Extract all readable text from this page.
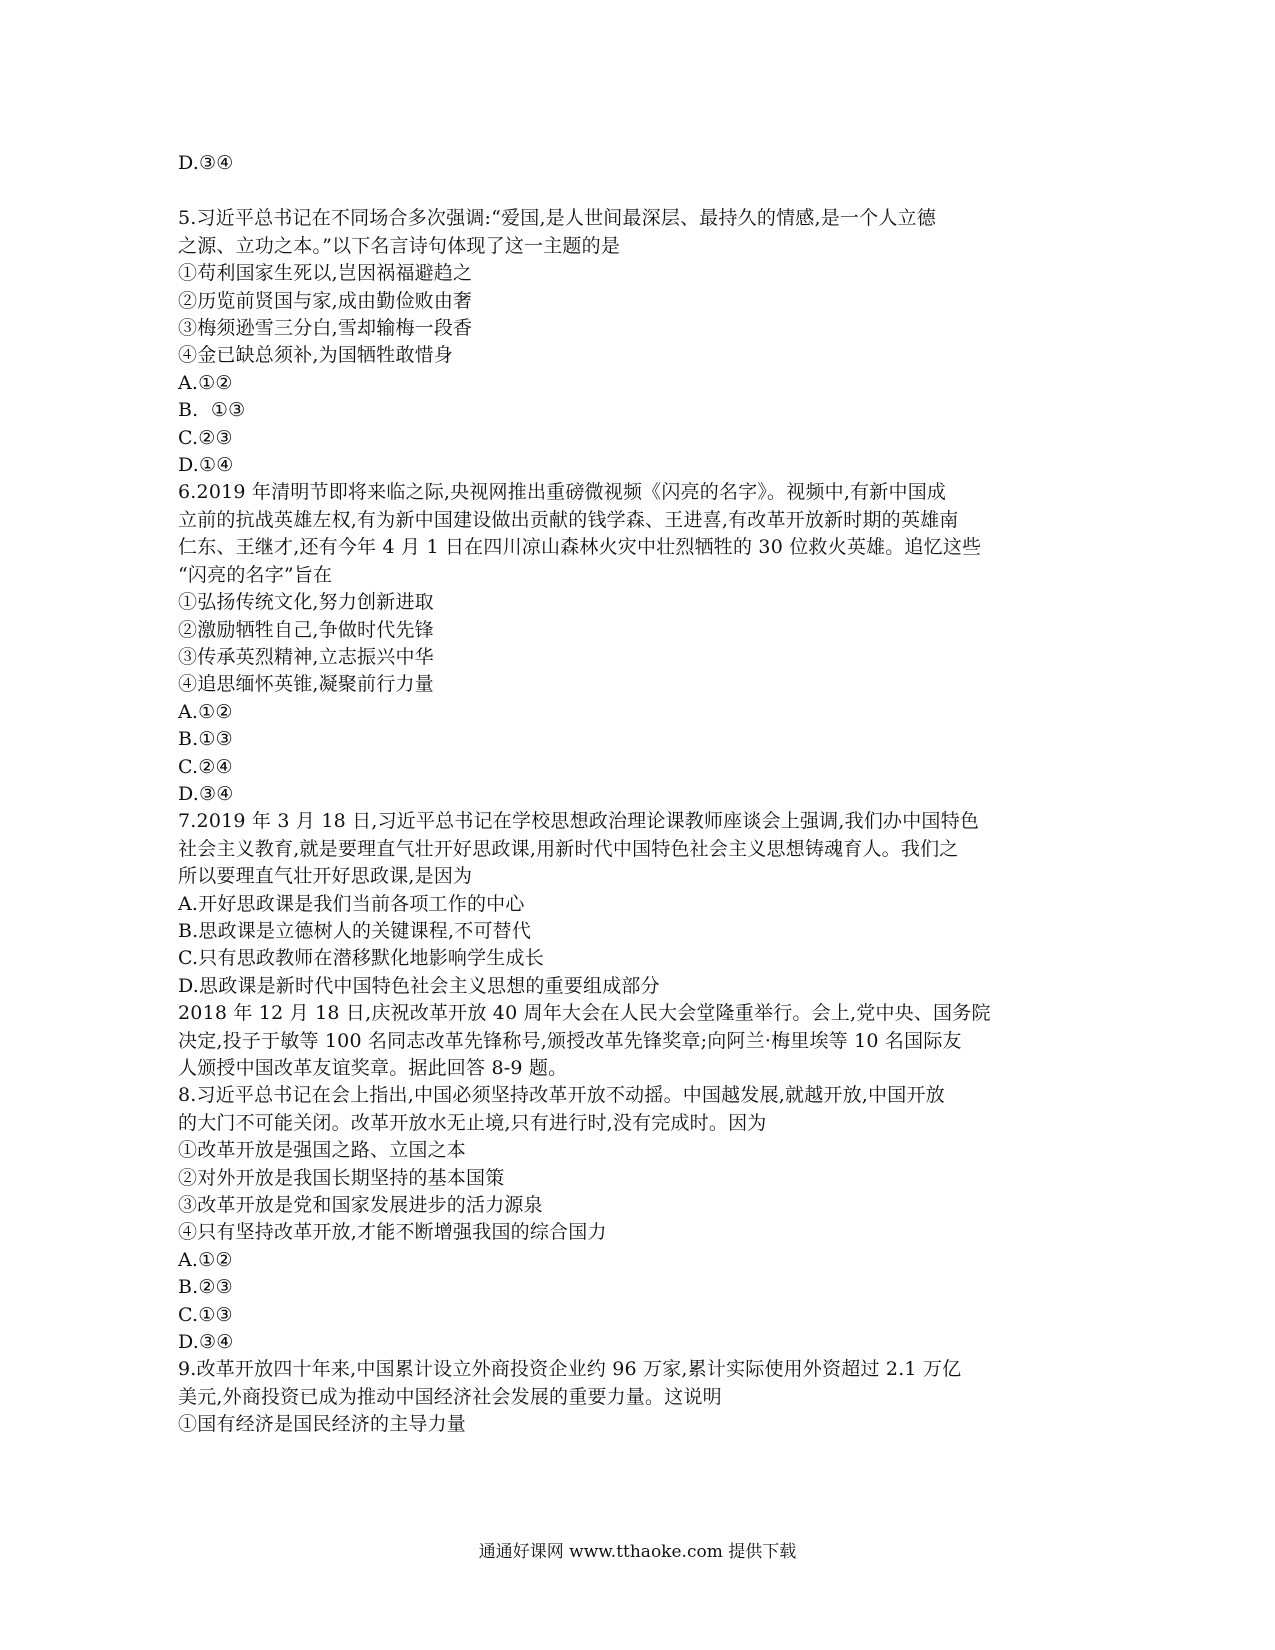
D.③④
5.习近平总书记在不同场合多次强调:“爱国,是人世间最深层、最持久的情感,是一个人立德
之源、立功之本。”以下名言诗句体现了这一主题的是
①苟利国家生死以,岂因祸福避趋之
②历览前贤国与家,成由勤俭败由奢
③梅须逊雪三分白,雪却输梅一段香
④金已缺总须补,为国牺牲敢惜身
A.①②
B.  ①③
C.②③
D.①④
6.2019 年清明节即将来临之际,央视网推出重磅微视频《闪亮的名字》。视频中,有新中国成
立前的抗战英雄左权,有为新中国建设做出贡献的钱学森、王进喜,有改革开放新时期的英雄南
仁东、王继才,还有今年 4 月 1 日在四川凉山森林火灾中壮烈牺牲的 30 位救火英雄。追忆这些
“闪亮的名字”旨在
①弘扬传统文化,努力创新进取
②激励牺牲自己,争做时代先锋
③传承英烈精神,立志振兴中华
④追思缅怀英锥,凝聚前行力量
A.①②
B.①③
C.②④
D.③④
7.2019 年 3 月 18 日,习近平总书记在学校思想政治理论课教师座谈会上强调,我们办中国特色
社会主义教育,就是要理直气壮开好思政课,用新时代中国特色社会主义思想铸魂育人。我们之
所以要理直气壮开好思政课,是因为
A.开好思政课是我们当前各项工作的中心
B.思政课是立德树人的关键课程,不可替代
C.只有思政教师在潜移默化地影响学生成长
D.思政课是新时代中国特色社会主义思想的重要组成部分
2018 年 12 月 18 日,庆祝改革开放 40 周年大会在人民大会堂隆重举行。会上,党中央、国务院
决定,投子于敏等 100 名同志改革先锋称号,颁授改革先锋奖章;向阿兰·梅里埃等 10 名国际友
人颁授中国改革友谊奖章。据此回答 8-9 题。
8.习近平总书记在会上指出,中国必须坚持改革开放不动摇。中国越发展,就越开放,中国开放
的大门不可能关闭。改革开放水无止境,只有进行时,没有完成时。因为
①改革开放是强国之路、立国之本
②对外开放是我国长期坚持的基本国策
③改革开放是党和国家发展进步的活力源泉
④只有坚持改革开放,才能不断增强我国的综合国力
A.①②
B.②③
C.①③
D.③④
9.改革开放四十年来,中国累计设立外商投资企业约 96 万家,累计实际使用外资超过 2.1 万亿
美元,外商投资已成为推动中国经济社会发展的重要力量。这说明
①国有经济是国民经济的主导力量
通通好课网 www.tthaoke.com 提供下载
